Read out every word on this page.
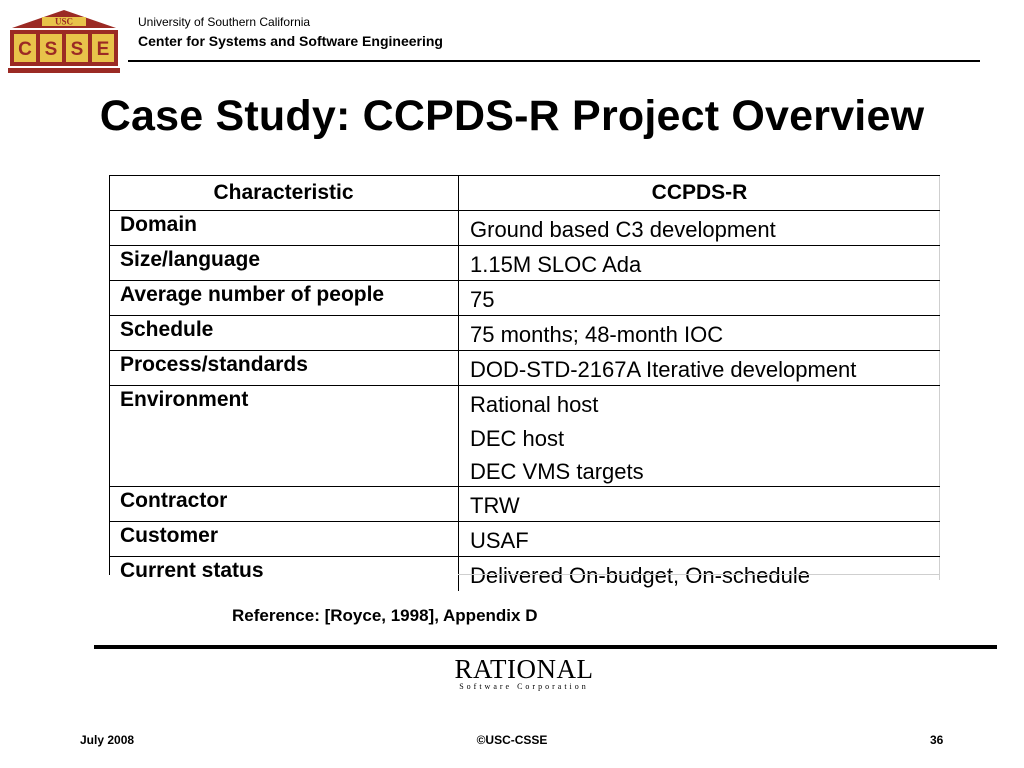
USC
C S S E
University of Southern California
Center for Systems and Software Engineering
Case Study: CCPDS-R Project Overview
Characteristic	CCPDS-R
Domain	Ground based C3 development
Size/language	1.15M SLOC Ada
Average number of people	75
Schedule	75 months; 48-month IOC
Process/standards	DOD-STD-2167A Iterative development
Environment	Rational host
	DEC host
	DEC VMS targets
Contractor	TRW
Customer	USAF
Current status	Delivered On-budget, On-schedule
Reference: [Royce, 1998], Appendix D
RATIONAL
Software Corporation
July 2008	©USC-CSSE	36
